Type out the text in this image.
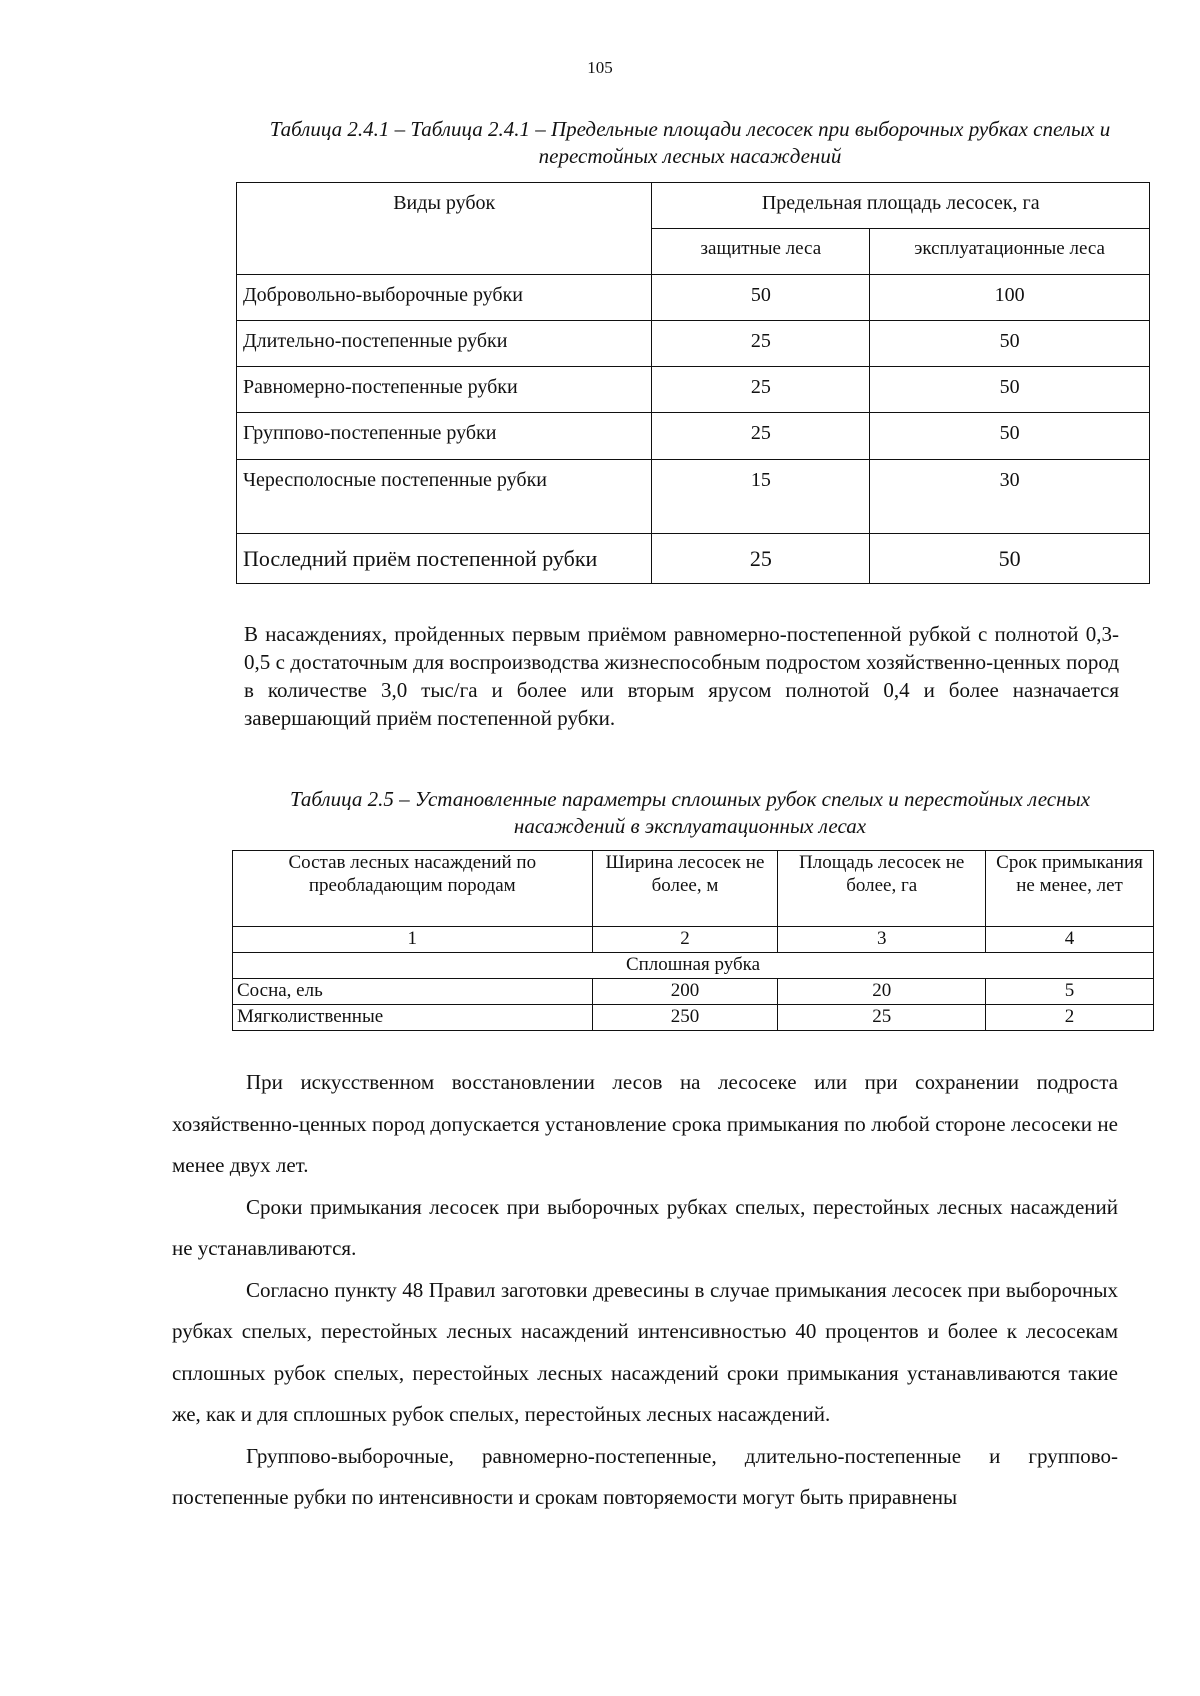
105
Таблица 2.4.1 – Таблица 2.4.1 – Предельные площади лесосек при выборочных рубках спелых и перестойных лесных насаждений
Виды рубок	Предельная площадь лесосек, га	
	защитные леса	эксплуатационные леса
Добровольно-выборочные рубки	50	100
Длительно-постепенные рубки	25	50
Равномерно-постепенные рубки	25	50
Группово-постепенные рубки	25	50
Чересполосные постепенные рубки	15	30
Последний приём постепенной рубки	25	50
В насаждениях, пройденных первым приёмом равномерно-постепенной рубкой с полнотой 0,3-0,5 с достаточным для воспроизводства жизнеспособным подростом хозяйственно-ценных пород в количестве 3,0 тыс/га и более или вторым ярусом полнотой 0,4 и более назначается завершающий приём постепенной рубки.
Таблица 2.5 – Установленные параметры сплошных рубок спелых и перестойных лесных насаждений в эксплуатационных лесах
Состав лесных насаждений по преобладающим породам	Ширина лесосек не более, м	Площадь лесосек не более, га	Срок примыкания не менее, лет
1	2	3	4
Сплошная рубка			
Сосна, ель	200	20	5
Мягколиственные	250	25	2

При искусственном восстановлении лесов на лесосеке или при сохранении подроста хозяйственно-ценных пород допускается установление срока примыкания по любой стороне лесосеки не менее двух лет.

Сроки примыкания лесосек при выборочных рубках спелых, перестойных лесных насаждений не устанавливаются.

Согласно пункту 48 Правил заготовки древесины в случае примыкания лесосек при выборочных рубках спелых, перестойных лесных насаждений интенсивностью 40 процентов и более к лесосекам сплошных рубок спелых, перестойных лесных насаждений сроки примыкания устанавливаются такие же, как и для сплошных рубок спелых, перестойных лесных насаждений.

Группово-выборочные, равномерно-постепенные, длительно-постепенные и группово-постепенные рубки по интенсивности и срокам повторяемости могут быть приравнены
